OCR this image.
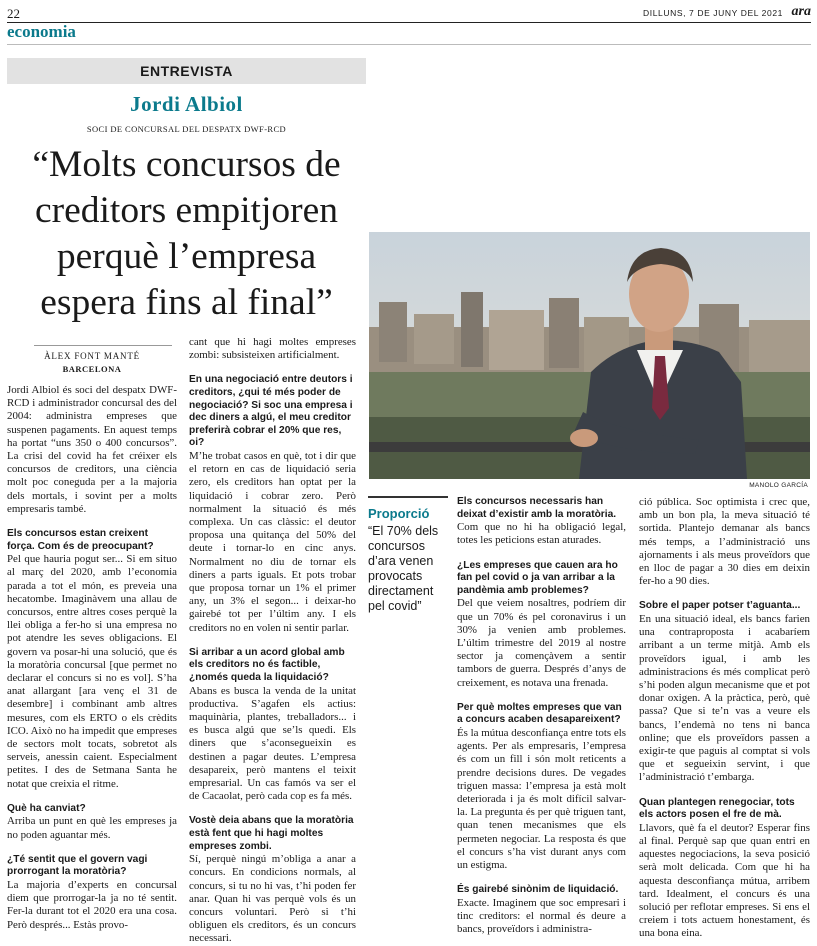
22	DILLUNS, 7 DE JUNY DEL 2021 ara
economia
ENTREVISTA
Jordi Albiol
SOCI DE CONCURSAL DEL DESPATX DWF-RCD
“Molts concursos de creditors empitjoren perquè l’empresa espera fins al final”
ÀLEX FONT MANTÉ
BARCELONA
MANOLO GARCÍA
Proporció
“El 70% dels concursos d’ara venen provocats directament pel covid”

Jordi Albiol és soci del despatx DWF-RCD i administrador concursal des del 2004: administra empreses que suspenen pagaments. En aquest temps ha portat “uns 350 o 400 concursos”. La crisi del covid ha fet créixer els concursos de creditors, una ciència molt poc coneguda per a la majoria dels mortals, i sovint per a molts empresaris també.

Els concursos estan creixent força. Com és de preocupant?

Pel que hauria pogut ser... Si em situo al març del 2020, amb l’economia parada a tot el món, es preveia una hecatombe. Imaginàvem una allau de concursos, entre altres coses perquè la llei obliga a fer-ho si una empresa no pot atendre les seves obligacions. El govern va posar-hi una solució, que és la moratòria concursal [que permet no declarar el concurs si no es vol]. S’ha anat allargant [ara venç el 31 de desembre] i combinant amb altres mesures, com els ERTO o els crèdits ICO. Això no ha impedit que empreses de sectors molt tocats, sobretot als serveis, anessin caient. Especialment petites. I des de Setmana Santa he notat que creixia el ritme.

Què ha canviat?

Arriba un punt en què les empreses ja no poden aguantar més.

¿Té sentit que el govern vagi prorrogant la moratòria?

La majoria d’experts en concursal diem que prorrogar-la ja no té sentit. Fer-la durant tot el 2020 era una cosa. Però després... Estàs provo-

cant que hi hagi moltes empreses zombi: subsisteixen artificialment.

En una negociació entre deutors i creditors, ¿qui té més poder de negociació? Si soc una empresa i dec diners a algú, el meu creditor preferirà cobrar el 20% que res, oi?

M’he trobat casos en què, tot i dir que el retorn en cas de liquidació seria zero, els creditors han optat per la liquidació i cobrar zero. Però normalment la situació és més complexa. Un cas clàssic: el deutor proposa una quitança del 50% del deute i tornar-lo en cinc anys. Normalment no diu de tornar els diners a parts iguals. Et pots trobar que proposa tornar un 1% el primer any, un 3% el segon... i deixar-ho gairebé tot per l’últim any. I els creditors no en volen ni sentir parlar.

Si arribar a un acord global amb els creditors no és factible, ¿només queda la liquidació?

Abans es busca la venda de la unitat productiva. S’agafen els actius: maquinària, plantes, treballadors... i es busca algú que se’ls quedi. Els diners que s’aconsegueixin es destinen a pagar deutes. L’empresa desapareix, però mantens el teixit empresarial. Un cas famós va ser el de Cacaolat, però cada cop es fa més.

Vostè deia abans que la moratòria està fent que hi hagi moltes empreses zombi.

Sí, perquè ningú m’obliga a anar a concurs. En condicions normals, al concurs, si tu no hi vas, t’hi poden fer anar. Quan hi vas perquè vols és un concurs voluntari. Però si t’hi obliguen els creditors, és un concurs necessari.

Els concursos necessaris han deixat d’existir amb la moratòria.

Com que no hi ha obligació legal, totes les peticions estan aturades.

¿Les empreses que cauen ara ho fan pel covid o ja van arribar a la pandèmia amb problemes?

Del que veiem nosaltres, podríem dir que un 70% és pel coronavirus i un 30% ja venien amb problemes. L’últim trimestre del 2019 al nostre sector ja començàvem a sentir tambors de guerra. Després d’anys de creixement, es notava una frenada.

Per què moltes empreses que van a concurs acaben desapareixent?

És la mútua desconfiança entre tots els agents. Per als empresaris, l’empresa és com un fill i són molt reticents a prendre decisions dures. De vegades triguen massa: l’empresa ja està molt deteriorada i ja és molt difícil salvar-la. La pregunta és per què triguen tant, quan tenen mecanismes que els permeten negociar. La resposta és que el concurs s’ha vist durant anys com un estigma.

És gairebé sinònim de liquidació.

Exacte. Imaginem que soc empresari i tinc creditors: el normal és deure a bancs, proveïdors i administra-

ció pública. Soc optimista i crec que, amb un bon pla, la meva situació té sortida. Plantejo demanar als bancs més temps, a l’administració uns ajornaments i als meus proveïdors que en lloc de pagar a 30 dies em deixin fer-ho a 90 dies.

Sobre el paper potser t’aguanta...

En una situació ideal, els bancs farien una contraproposta i acabaríem arribant a un terme mitjà. Amb els proveïdors igual, i amb les administracions és més complicat però s’hi poden algun mecanisme que et pot donar oxigen. A la pràctica, però, què passa? Que si te’n vas a veure els bancs, l’endemà no tens ni banca online; que els proveïdors passen a exigir-te que paguis al comptat si vols que et segueixin servint, i que l’administració t’embarga.

Quan plantegen renegociar, tots els actors posen el fre de mà.

Llavors, què fa el deutor? Esperar fins al final. Perquè sap que quan entri en aquestes negociacions, la seva posició serà molt delicada. Com que hi ha aquesta desconfiança mútua, arribem tard. Idealment, el concurs és una solució per reflotar empreses. Si ens el creiem i tots actuem honestament, és una bona eina.
